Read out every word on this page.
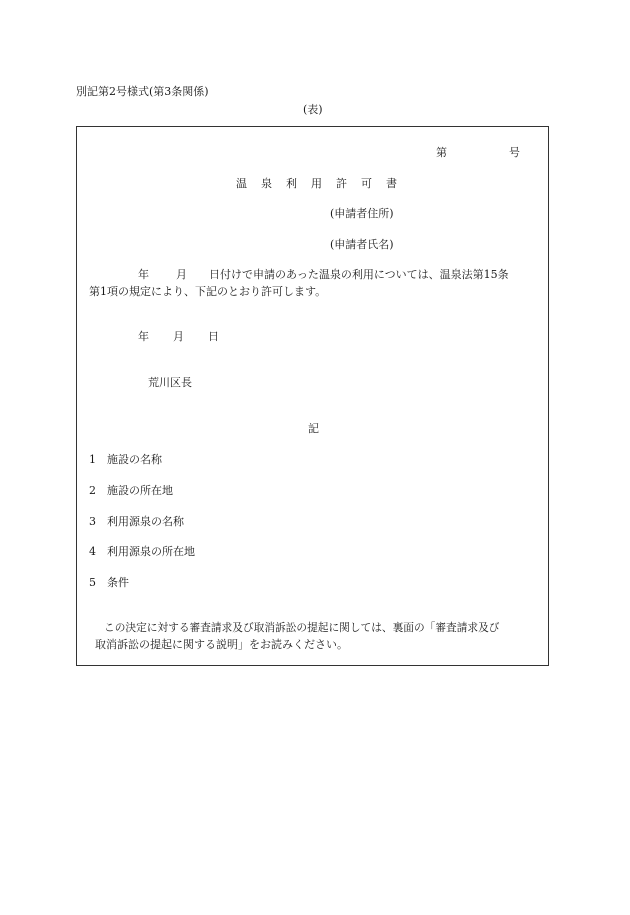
別記第2号様式(第3条関係)
(表)
第	号
温 泉 利 用 許 可 書
(申請者住所)
(申請者氏名)
年 月 日付けで申請のあった温泉の利用については、温泉法第15条
第1項の規定により、下記のとおり許可します。
年 月 日
荒川区長
記
1 施設の名称
2 施設の所在地
3 利用源泉の名称
4 利用源泉の所在地
5 条件
この決定に対する審査請求及び取消訴訟の提起に関しては、裏面の「審査請求及び
取消訴訟の提起に関する説明」をお読みください。
